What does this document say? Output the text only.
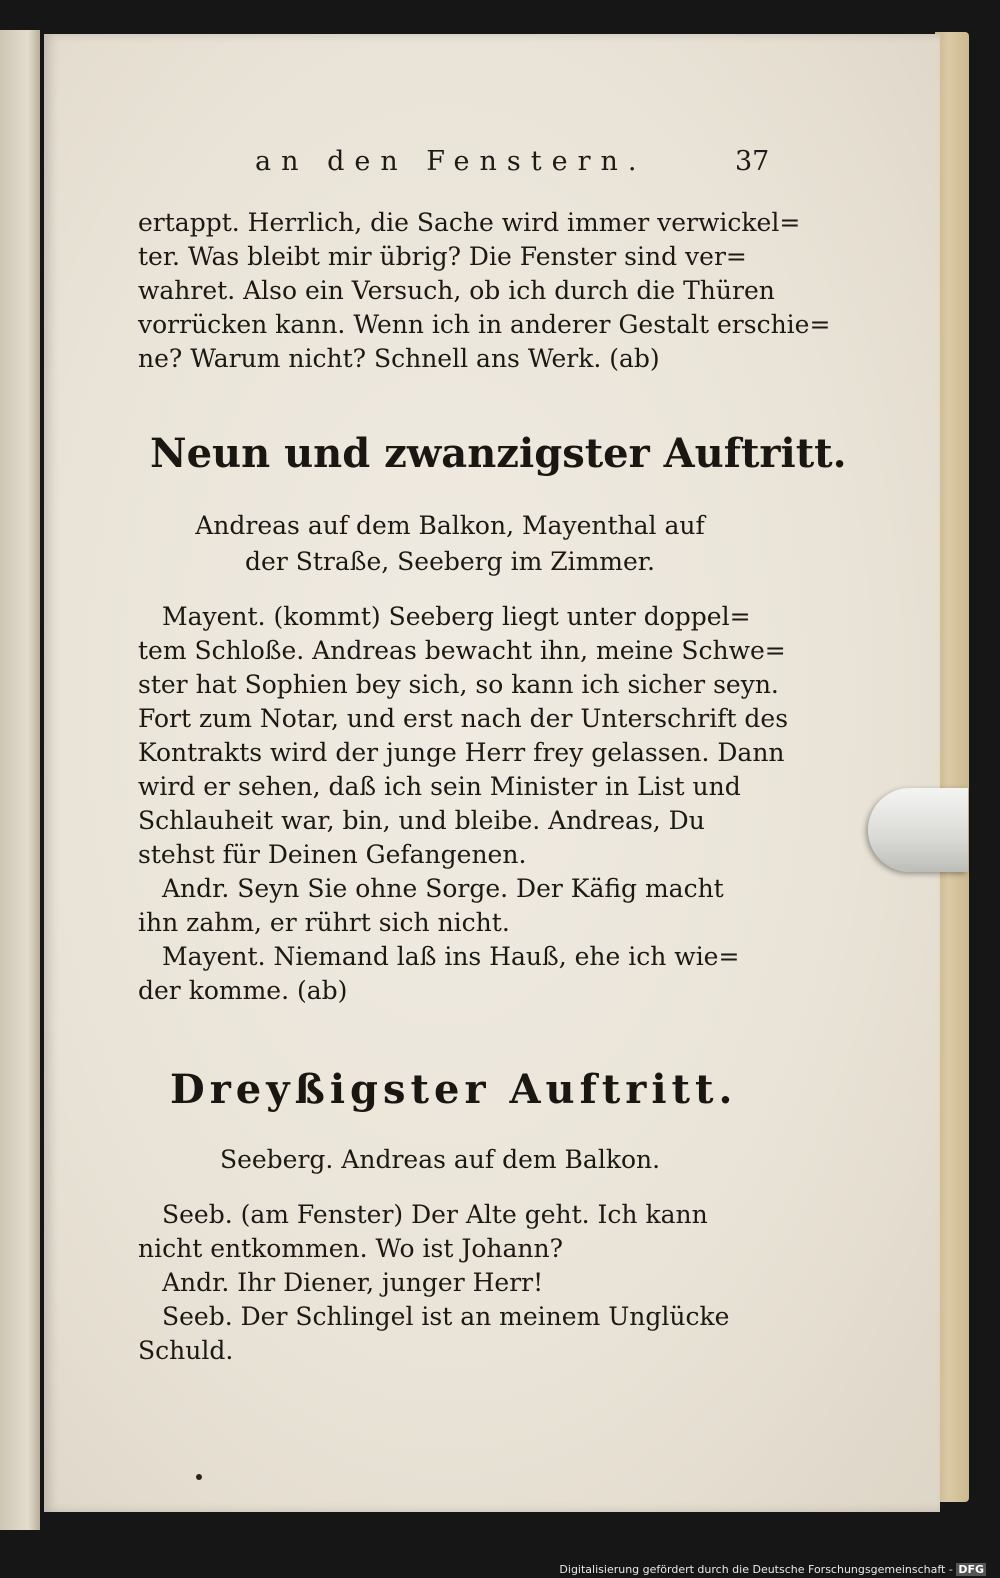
an den Fenstern.	37
ertappt. Herrlich, die Sache wird immer verwickel=
ter. Was bleibt mir übrig? Die Fenster sind ver=
wahret. Also ein Versuch, ob ich durch die Thüren
vorrücken kann. Wenn ich in anderer Gestalt erschie=
ne? Warum nicht? Schnell ans Werk. (ab)
Neun und zwanzigster Auftritt.
Andreas auf dem Balkon, Mayenthal auf
der Straße, Seeberg im Zimmer.
Mayent. (kommt) Seeberg liegt unter doppel=
tem Schloße. Andreas bewacht ihn, meine Schwe=
ster hat Sophien bey sich, so kann ich sicher seyn.
Fort zum Notar, und erst nach der Unterschrift des
Kontrakts wird der junge Herr frey gelassen. Dann
wird er sehen, daß ich sein Minister in List und
Schlauheit war, bin, und bleibe. Andreas, Du
stehst für Deinen Gefangenen.
Andr. Seyn Sie ohne Sorge. Der Käfig macht
ihn zahm, er rührt sich nicht.
Mayent. Niemand laß ins Hauß, ehe ich wie=
der komme. (ab)
Dreyßigster Auftritt.
Seeberg. Andreas auf dem Balkon.
Seeb. (am Fenster) Der Alte geht. Ich kann
nicht entkommen. Wo ist Johann?
Andr. Ihr Diener, junger Herr!
Seeb. Der Schlingel ist an meinem Unglücke
Schuld.
Digitalisierung gefördert durch die Deutsche Forschungsgemeinschaft - DFG
